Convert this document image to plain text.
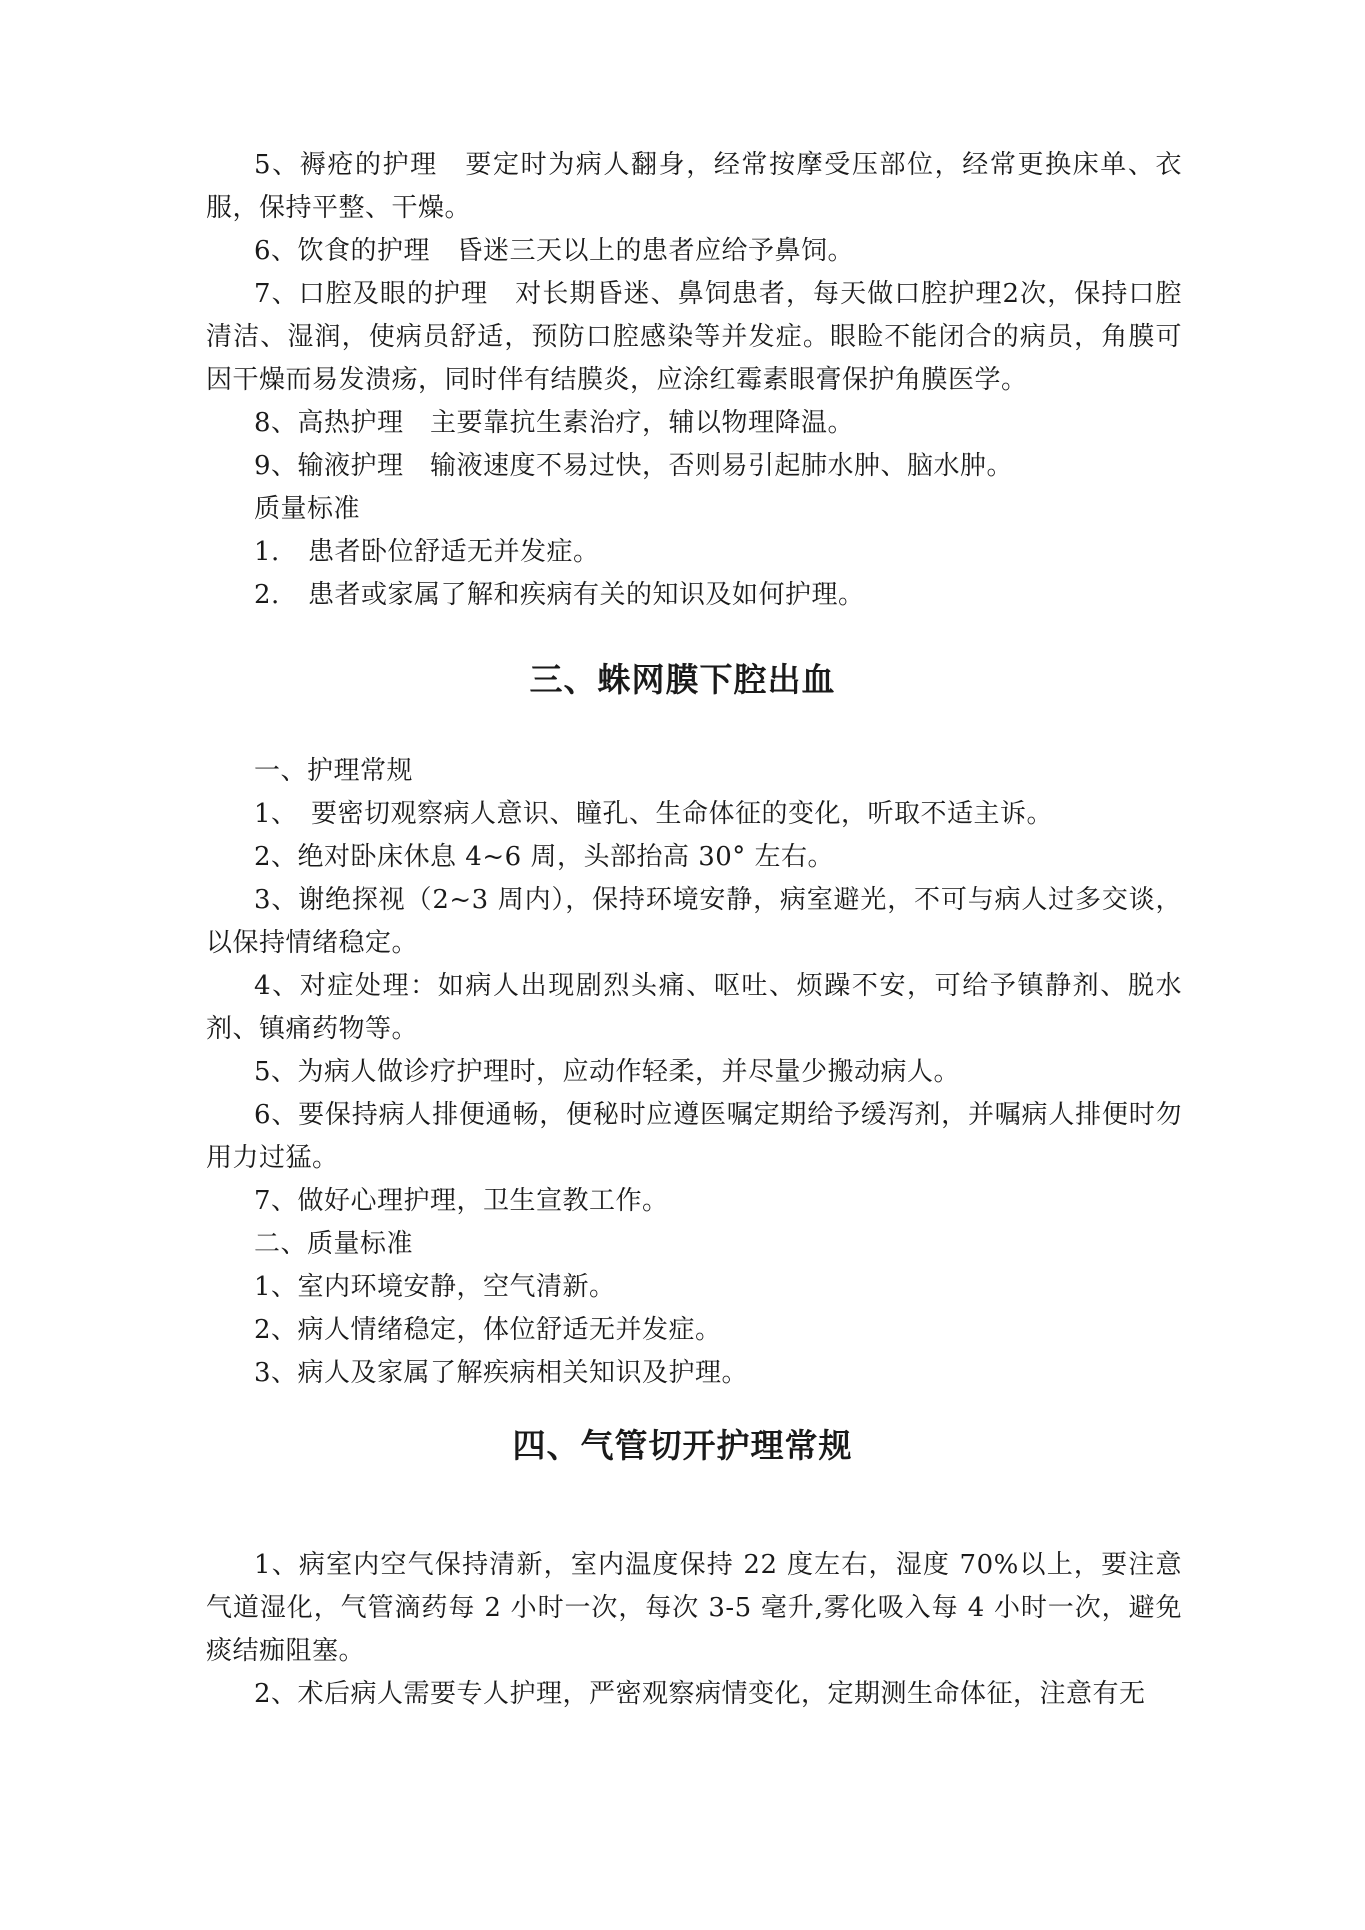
5、褥疮的护理　要定时为病人翻身，经常按摩受压部位，经常更换床单、衣服，保持平整、干燥。

6、饮食的护理　昏迷三天以上的患者应给予鼻饲。

7、口腔及眼的护理　对长期昏迷、鼻饲患者，每天做口腔护理2次，保持口腔清洁、湿润，使病员舒适，预防口腔感染等并发症。眼睑不能闭合的病员，角膜可因干燥而易发溃疡，同时伴有结膜炎，应涂红霉素眼膏保护角膜医学。

8、高热护理　主要靠抗生素治疗，辅以物理降温。

9、输液护理　输液速度不易过快，否则易引起肺水肿、脑水肿。

质量标准

1. 患者卧位舒适无并发症。

2. 患者或家属了解和疾病有关的知识及如何护理。

三、蛛网膜下腔出血

一、护理常规

1、　要密切观察病人意识、瞳孔、生命体征的变化，听取不适主诉。

2、绝对卧床休息 4~6 周，头部抬高 30° 左右。

3、谢绝探视（2~3 周内），保持环境安静，病室避光，不可与病人过多交谈，以保持情绪稳定。

4、对症处理：如病人出现剧烈头痛、呕吐、烦躁不安，可给予镇静剂、脱水剂、镇痛药物等。

5、为病人做诊疗护理时，应动作轻柔，并尽量少搬动病人。

6、要保持病人排便通畅，便秘时应遵医嘱定期给予缓泻剂，并嘱病人排便时勿用力过猛。

7、做好心理护理，卫生宣教工作。

二、质量标准

1、室内环境安静，空气清新。

2、病人情绪稳定，体位舒适无并发症。

3、病人及家属了解疾病相关知识及护理。

四、气管切开护理常规

1、病室内空气保持清新，室内温度保持 22 度左右，湿度 70%以上，要注意气道湿化，气管滴药每 2 小时一次，每次 3-5 毫升,雾化吸入每 4 小时一次，避免痰结痂阻塞。

2、术后病人需要专人护理，严密观察病情变化，定期测生命体征，注意有无
